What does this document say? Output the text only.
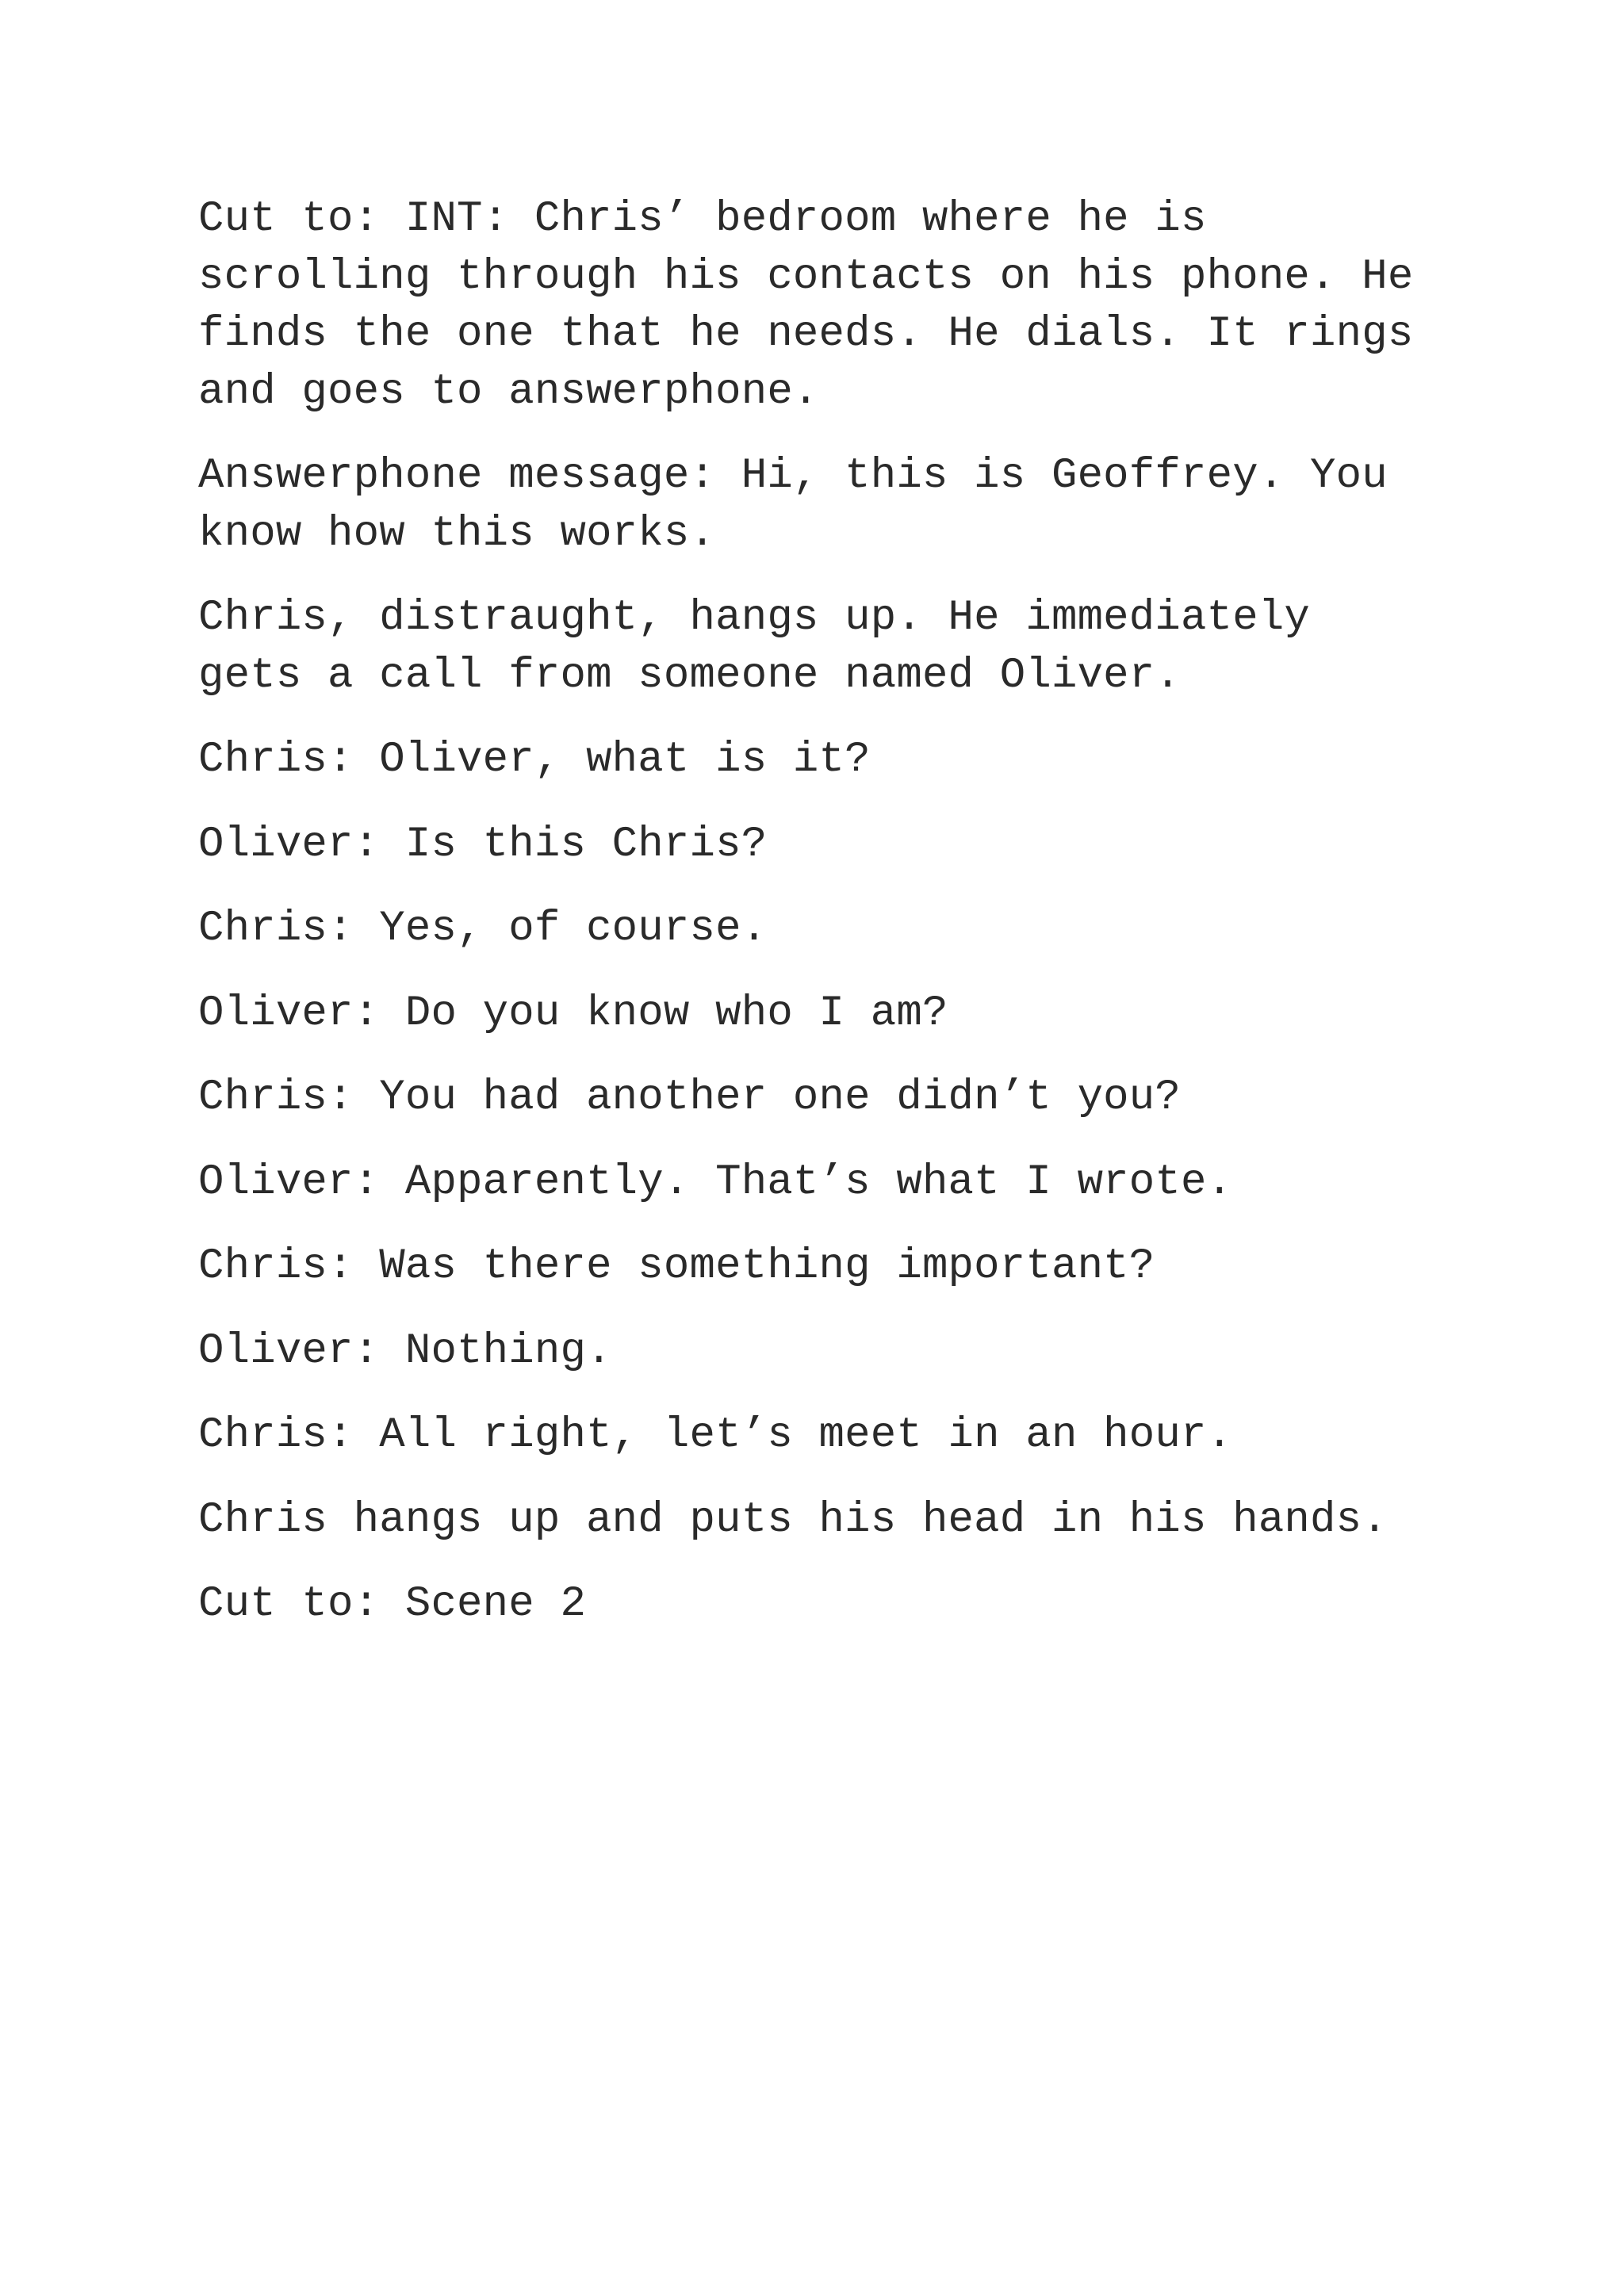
Cut to: INT: Chris’ bedroom where he is
scrolling through his contacts on his phone. He
finds the one that he needs. He dials. It rings
and goes to answerphone.

Answerphone message: Hi, this is Geoffrey. You
know how this works.

Chris, distraught, hangs up. He immediately
gets a call from someone named Oliver.

Chris: Oliver, what is it?

Oliver: Is this Chris?

Chris: Yes, of course.

Oliver: Do you know who I am?

Chris: You had another one didn’t you?

Oliver: Apparently. That’s what I wrote.

Chris: Was there something important?

Oliver: Nothing.

Chris: All right, let’s meet in an hour.

Chris hangs up and puts his head in his hands.

Cut to: Scene 2
